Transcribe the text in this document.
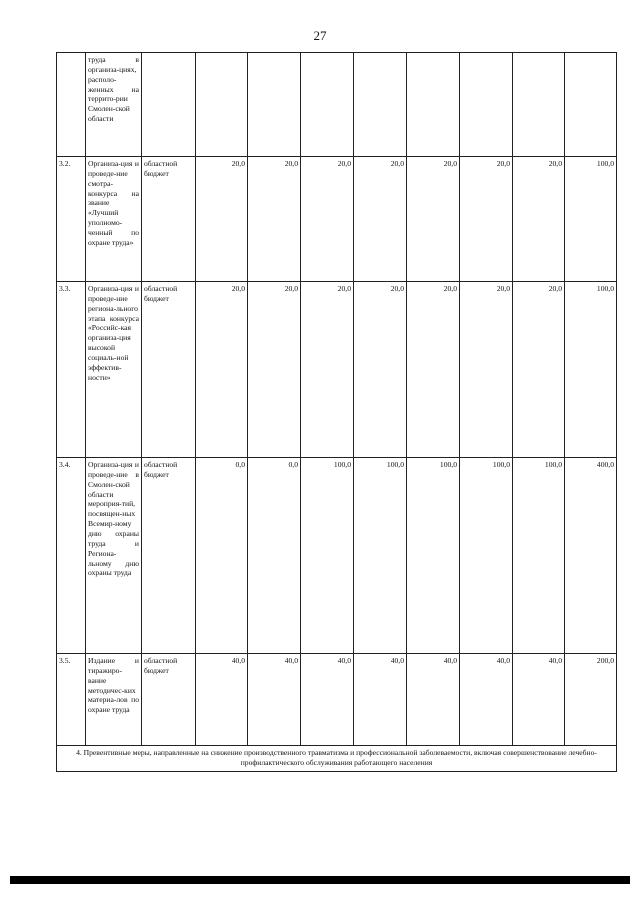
27
	труда в организа-циях, располо-женных на террито-рии Смолен-ской области									
3.2.	Организа-ция и проведе-ние смотра-конкурса на звание «Лучший уполномо-ченный по охране труда»	областной бюджет	20,0	20,0	20,0	20,0	20,0	20,0	20,0	100,0
3.3.	Организа-ция и проведе-ние региона-льного этапа конкурса «Российс-кая организа-ция высокой социаль-ной эффектив-ности»	областной бюджет	20,0	20,0	20,0	20,0	20,0	20,0	20,0	100,0
3.4.	Организа-ция и проведе-ние в Смолен-ской области мероприя-тий, посвящен-ных Всемир-ному дню охраны труда и Регионa-льному дню охраны труда	областной бюджет	0,0	0,0	100,0	100,0	100,0	100,0	100,0	400,0
3.5.	Издание и тиражиро-вание методичес-ких материа-лов по охране труда	областной бюджет	40,0	40,0	40,0	40,0	40,0	40,0	40,0	200,0
4. Превентивные меры, направленные на снижение производственного травматизма и профессиональной заболеваемости, включая совершенствование лечебно-профилактического обслуживания работающего населения										
